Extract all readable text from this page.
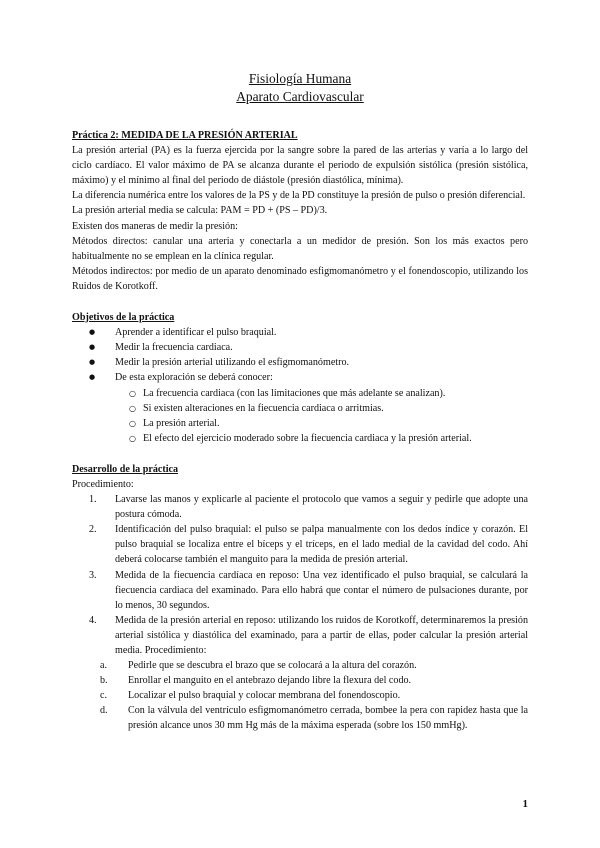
Fisiología Humana
Aparato Cardiovascular
Práctica 2: MEDIDA DE LA PRESIÓN ARTERIAL

La presión arterial (PA) es la fuerza ejercida por la sangre sobre la pared de las arterias y varía a lo largo del ciclo cardíaco. El valor máximo de PA se alcanza durante el periodo de expulsión sistólica (presión sistólica, máximo) y el mínimo al final del periodo de diástole (presión diastólica, mínima).

La diferencia numérica entre los valores de la PS y de la PD constituye la presión de pulso o presión diferencial.

La presión arterial media se calcula: PAM = PD + (PS – PD)/3.

Existen dos maneras de medir la presión:

Métodos directos: canular una arteria y conectarla a un medidor de presión. Son los más exactos pero habitualmente no se emplean en la clínica regular.

Métodos indirectos: por medio de un aparato denominado esfigmomanómetro y el fonendoscopio, utilizando los Ruidos de Korotkoff.

Objetivos de la práctica
● Aprender a identificar el pulso braquial.
● Medir la frecuencia cardiaca.
● Medir la presión arterial utilizando el esfigmomanómetro.
● De esta exploración se deberá conocer:
○ La frecuencia cardiaca (con las limitaciones que más adelante se analizan).
○ Si existen alteraciones en la fiecuencia cardiaca o arritmias.
○ La presión arterial.
○ El efecto del ejercicio moderado sobre la fiecuencia cardiaca y la presión arterial.
Desarrollo de la práctica

Procedimiento:

1. Lavarse las manos y explicarle al paciente el protocolo que vamos a seguir y pedirle que adopte una postura cómoda.
2. Identificación del pulso braquial: el pulso se palpa manualmente con los dedos índice y corazón. El pulso braquial se localiza entre el bíceps y el tríceps, en el lado medial de la cavidad del codo. Ahí deberá colocarse también el manguito para la medida de presión arterial.
3. Medida de la fiecuencia cardíaca en reposo: Una vez identificado el pulso braquial, se calculará la fiecuencia cardiaca del examinado. Para ello habrá que contar el número de pulsaciones durante, por lo menos, 30 segundos.
4. Medida de la presión arterial en reposo: utilizando los ruidos de Korotkoff, determinaremos la presión arterial sistólica y diastólica del examinado, para a partir de ellas, poder calcular la presión arterial media. Procedimiento:
a. Pedirle que se descubra el brazo que se colocará a la altura del corazón.
b. Enrollar el manguito en el antebrazo dejando libre la flexura del codo.
c. Localizar el pulso braquial y colocar membrana del fonendoscopio.
d. Con la válvula del ventrículo esfigmomanómetro cerrada, bombee la pera con rapidez hasta que la presión alcance unos 30 mm Hg más de la máxima esperada (sobre los 150 mmHg).
1
